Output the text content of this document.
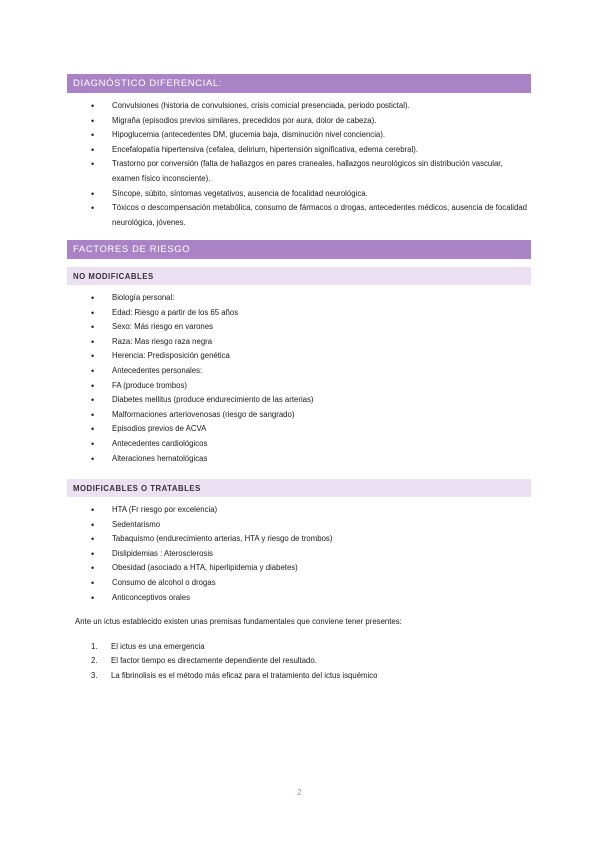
DIAGNÓSTICO DIFERENCIAL:
• Convulsiones (historia de convulsiones, crisis comicial presenciada, periodo postictal).
• Migraña (episodios previos similares, precedidos por aura, dolor de cabeza).
• Hipoglucemia (antecedentes DM, glucemia baja, disminución nivel conciencia).
• Encefalopatía hipertensiva (cefalea, delirium, hipertensión significativa, edema cerebral).
• Trastorno por conversión (falta de hallazgos en pares craneales, hallazgos neurológicos sin distribución vascular, examen físico inconsciente).
• Síncope, súbito, síntomas vegetativos, ausencia de focalidad neurológica.
• Tóxicos o descompensación metabólica, consumo de fármacos o drogas, antecedentes médicos, ausencia de focalidad neurológica, jóvenes.
FACTORES DE RIESGO
NO MODIFICABLES
• Biología personal:
• Edad: Riesgo a partir de los 65 años
• Sexo: Más riesgo en varones
• Raza: Mas riesgo raza negra
• Herencia: Predisposición genética
• Antecedentes personales:
• FA (produce trombos)
• Diabetes mellitus (produce endurecimiento de las arterias)
• Malformaciones arteriovenosas (riesgo de sangrado)
• Episodios previos de ACVA
• Antecedentes cardiológicos
• Alteraciones hematológicas
MODIFICABLES O TRATABLES
• HTA (Fr riesgo por excelencia)
• Sedentarismo
• Tabaquismo (endurecimiento arterias, HTA y riesgo de trombos)
• Dislipidemias : Aterosclerosis
• Obesidad (asociado a HTA, hiperlipidemia y diabetes)
• Consumo de alcohol o drogas
• Anticonceptivos orales
Ante un ictus establecido existen unas premisas fundamentales que conviene tener presentes:
1. El ictus es una emergencia
2. El factor tiempo es directamente dependiente del resultado.
3. La fibrinolisis es el método más eficaz para el tratamiento del ictus isquémico
2
